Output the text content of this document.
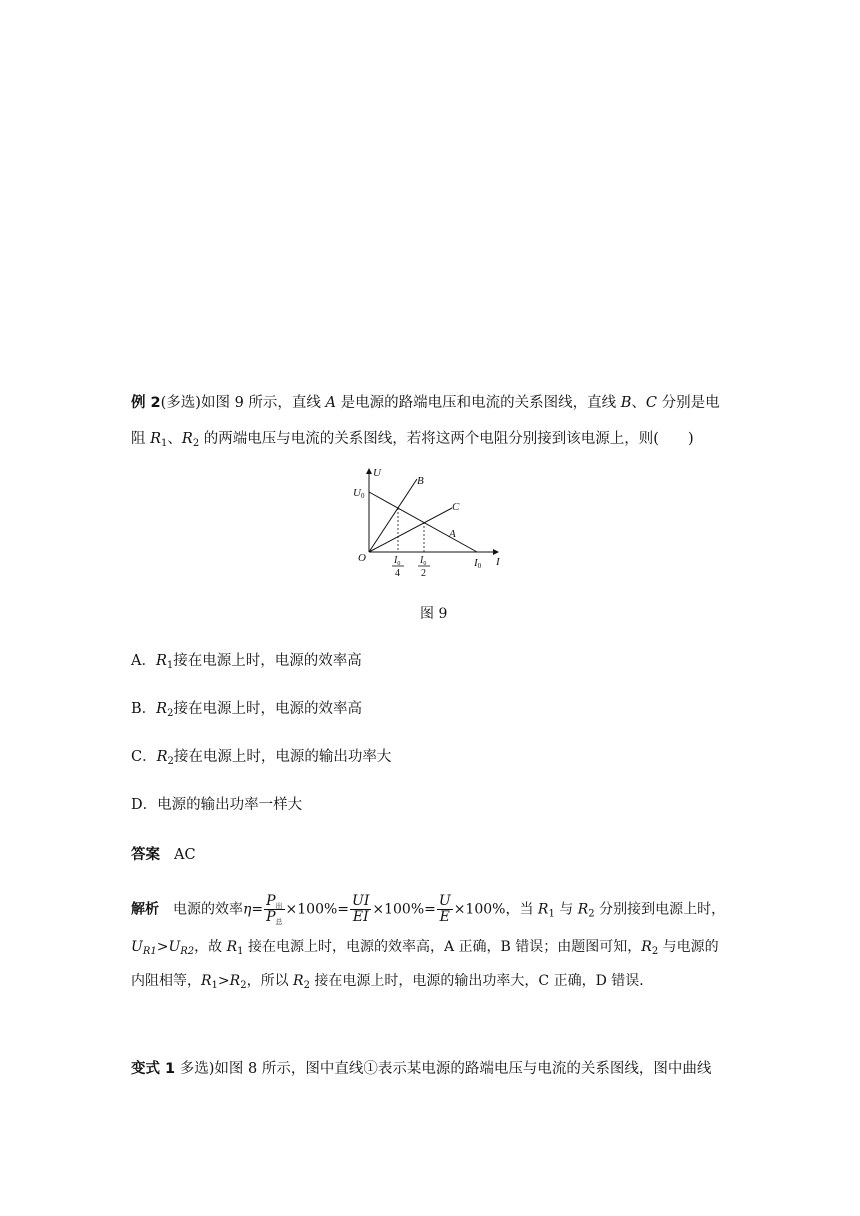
例 2(多选)如图 9 所示，直线 A 是电源的路端电压和电流的关系图线，直线 B、C 分别是电
阻 $R_1$、$R_2$ 的两端电压与电流的关系图线，若将这两个电阻分别接到该电源上，则(　　)
U
I
O
U0
B
C
A
I0
$I_0$
4
$I_0$
2
图 9
A．$R_1$接在电源上时，电源的效率高
B．$R_2$接在电源上时，电源的效率高
C．$R_2$接在电源上时，电源的输出功率大
D．电源的输出功率一样大
答案 AC
解析 电源的效率$\eta= \frac{P_出}{P_总} \times 100\%= \frac{UI}{EI} \times 100\%= \frac{U}{E} \times 100\%$，当 $R_1$ 与 $R_2$ 分别接到电源上时，
$U_{R1}>U_{R2}$，故 $R_1$ 接在电源上时，电源的效率高，A 正确，B 错误；由题图可知，$R_2$ 与电源的
内阻相等，$R_1>R_2$，所以 $R_2$ 接在电源上时，电源的输出功率大，C 正确，D 错误．
变式 1 多选)如图 8 所示，图中直线①表示某电源的路端电压与电流的关系图线，图中曲线
